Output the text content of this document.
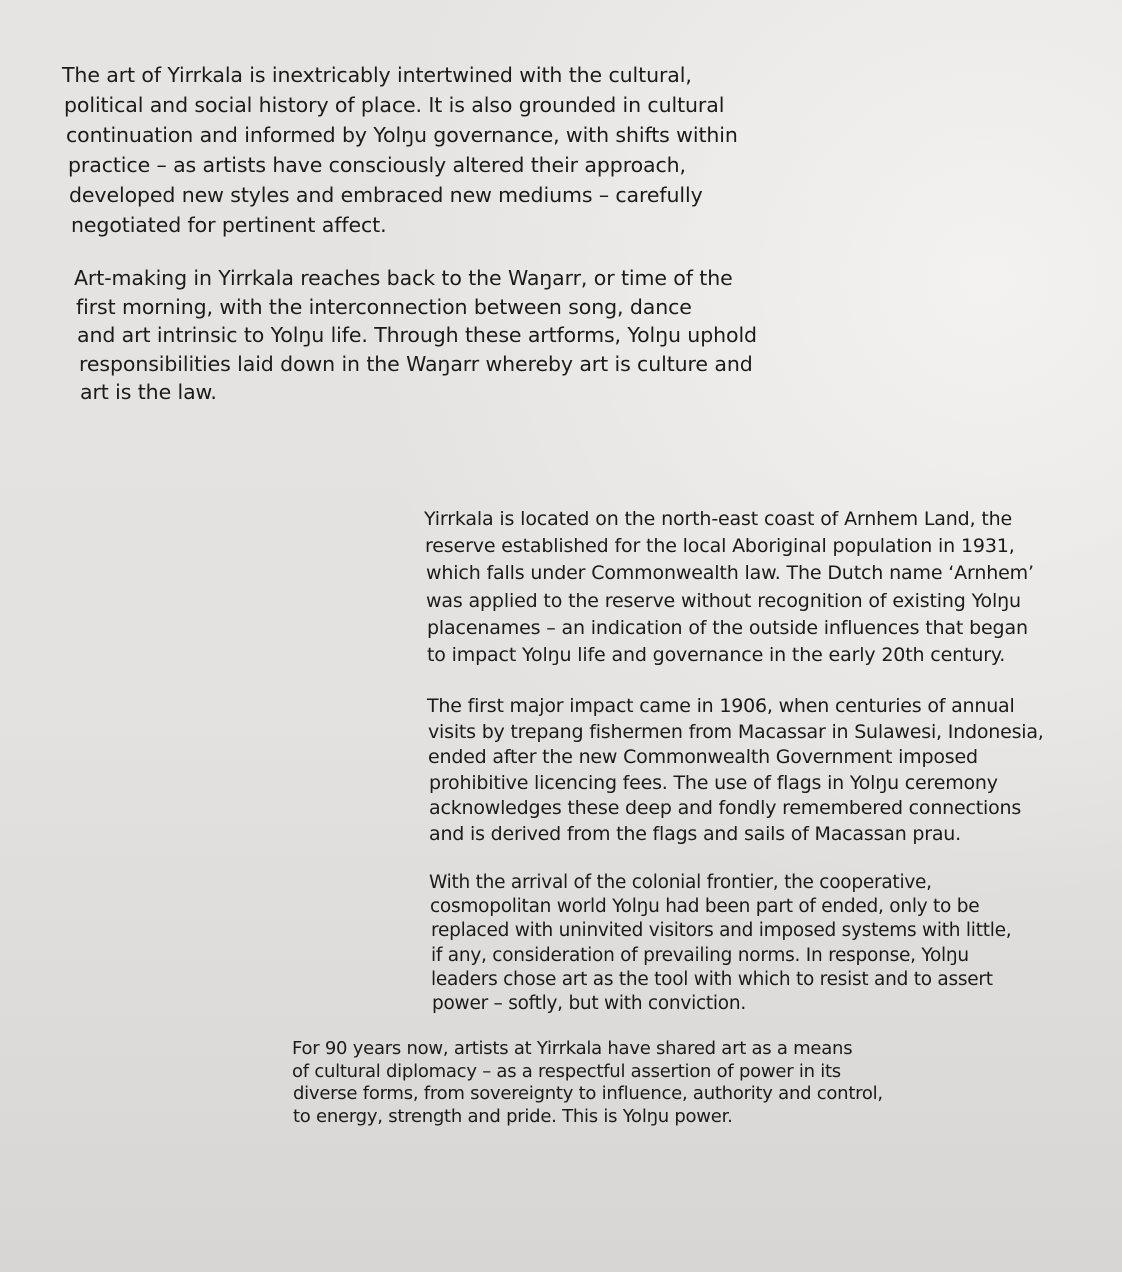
The art of Yirrkala is inextricably intertwined with the cultural,
political and social history of place. It is also grounded in cultural
continuation and informed by Yolŋu governance, with shifts within
practice – as artists have consciously altered their approach,
developed new styles and embraced new mediums – carefully
negotiated for pertinent affect.

Art-making in Yirrkala reaches back to the Waŋarr, or time of the
first morning, with the interconnection between song, dance
and art intrinsic to Yolŋu life. Through these artforms, Yolŋu uphold
responsibilities laid down in the Waŋarr whereby art is culture and
art is the law.

Yirrkala is located on the north-east coast of Arnhem Land, the
reserve established for the local Aboriginal population in 1931,
which falls under Commonwealth law. The Dutch name ‘Arnhem’
was applied to the reserve without recognition of existing Yolŋu
placenames – an indication of the outside influences that began
to impact Yolŋu life and governance in the early 20th century.

The first major impact came in 1906, when centuries of annual
visits by trepang fishermen from Macassar in Sulawesi, Indonesia,
ended after the new Commonwealth Government imposed
prohibitive licencing fees. The use of flags in Yolŋu ceremony
acknowledges these deep and fondly remembered connections
and is derived from the flags and sails of Macassan prau.

With the arrival of the colonial frontier, the cooperative,
cosmopolitan world Yolŋu had been part of ended, only to be
replaced with uninvited visitors and imposed systems with little,
if any, consideration of prevailing norms. In response, Yolŋu
leaders chose art as the tool with which to resist and to assert
power – softly, but with conviction.

For 90 years now, artists at Yirrkala have shared art as a means
of cultural diplomacy – as a respectful assertion of power in its
diverse forms, from sovereignty to influence, authority and control,
to energy, strength and pride. This is Yolŋu power.
